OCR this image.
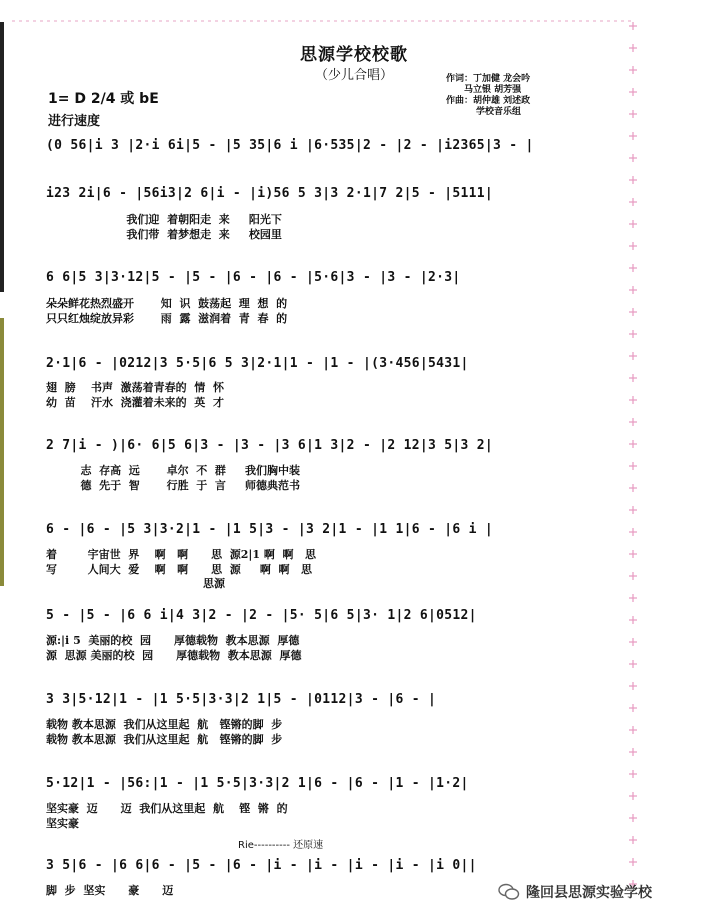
思源学校校歌
（少儿合唱）
1= D 2/4 或 bE
进行速度
作词：丁加健 龙会吟
马立银 胡芳强
作曲：胡仲雄 刘述政
学校音乐组
(0 56|i 3 |2·i 6i|5 - |5 35|6 i |6·535|2 - |2 - |i2365|3 - |
i23 2i|6 - |56i3|2 6|i - |i)56 5 3|3 2·1|7 2|5 - |5111|
我们迎  着朝阳走  来     阳光下
我们带  着梦想走  来     校园里
6 6|5 3|3·12|5 - |5 - |6 - |6 - |5·6|3 - |3 - |2·3|
朵朵鲜花热烈盛开       知  识  鼓荡起  理  想  的
只只红烛绽放异彩       雨  露  滋润着  青  春  的
2·1|6 - |0212|3 5·5|6 5 3|2·1|1 - |1 - |(3·456|5431|
翅  膀    书声  激荡着青春的  情  怀
幼  苗    汗水  浇灌着未来的  英  才
2 7|i - )|6· 6|5 6|3 - |3 - |3 6|1 3|2 - |2 12|3 5|3 2|
志  存高  远       卓尔  不  群     我们胸中装
德  先于  智       行胜  于  言     师德典范书
6 - |6 - |5 3|3·2|1 - |1 5|3 - |3 2|1 - |1 1|6 - |6 i |
着        宇宙世  界    啊   啊      思  源2|1 啊  啊   思
写        人间大  爱    啊   啊      思  源     啊  啊   思
思源
5 - |5 - |6 6 i|4 3|2 - |2 - |5· 5|6 5|3· 1|2 6|0512|
源:|i 5  美丽的校  园      厚德载物  教本思源  厚德
源  思源 美丽的校  园      厚德载物  教本思源  厚德
3 3|5·12|1 - |1 5·5|3·3|2 1|5 - |0112|3 - |6 - |
载物 教本思源  我们从这里起  航   铿锵的脚  步
载物 教本思源  我们从这里起  航   铿锵的脚  步
5·12|1 - |56:|1 - |1 5·5|3·3|2 1|6 - |6 - |1 - |1·2|
坚实豪  迈      迈  我们从这里起  航    铿  锵  的
坚实豪
Rie---------- 还原速
3 5|6 - |6 6|6 - |5 - |6 - |i - |i - |i - |i - |i 0||
脚  步  坚实      豪      迈	隆回县思源实验学校
